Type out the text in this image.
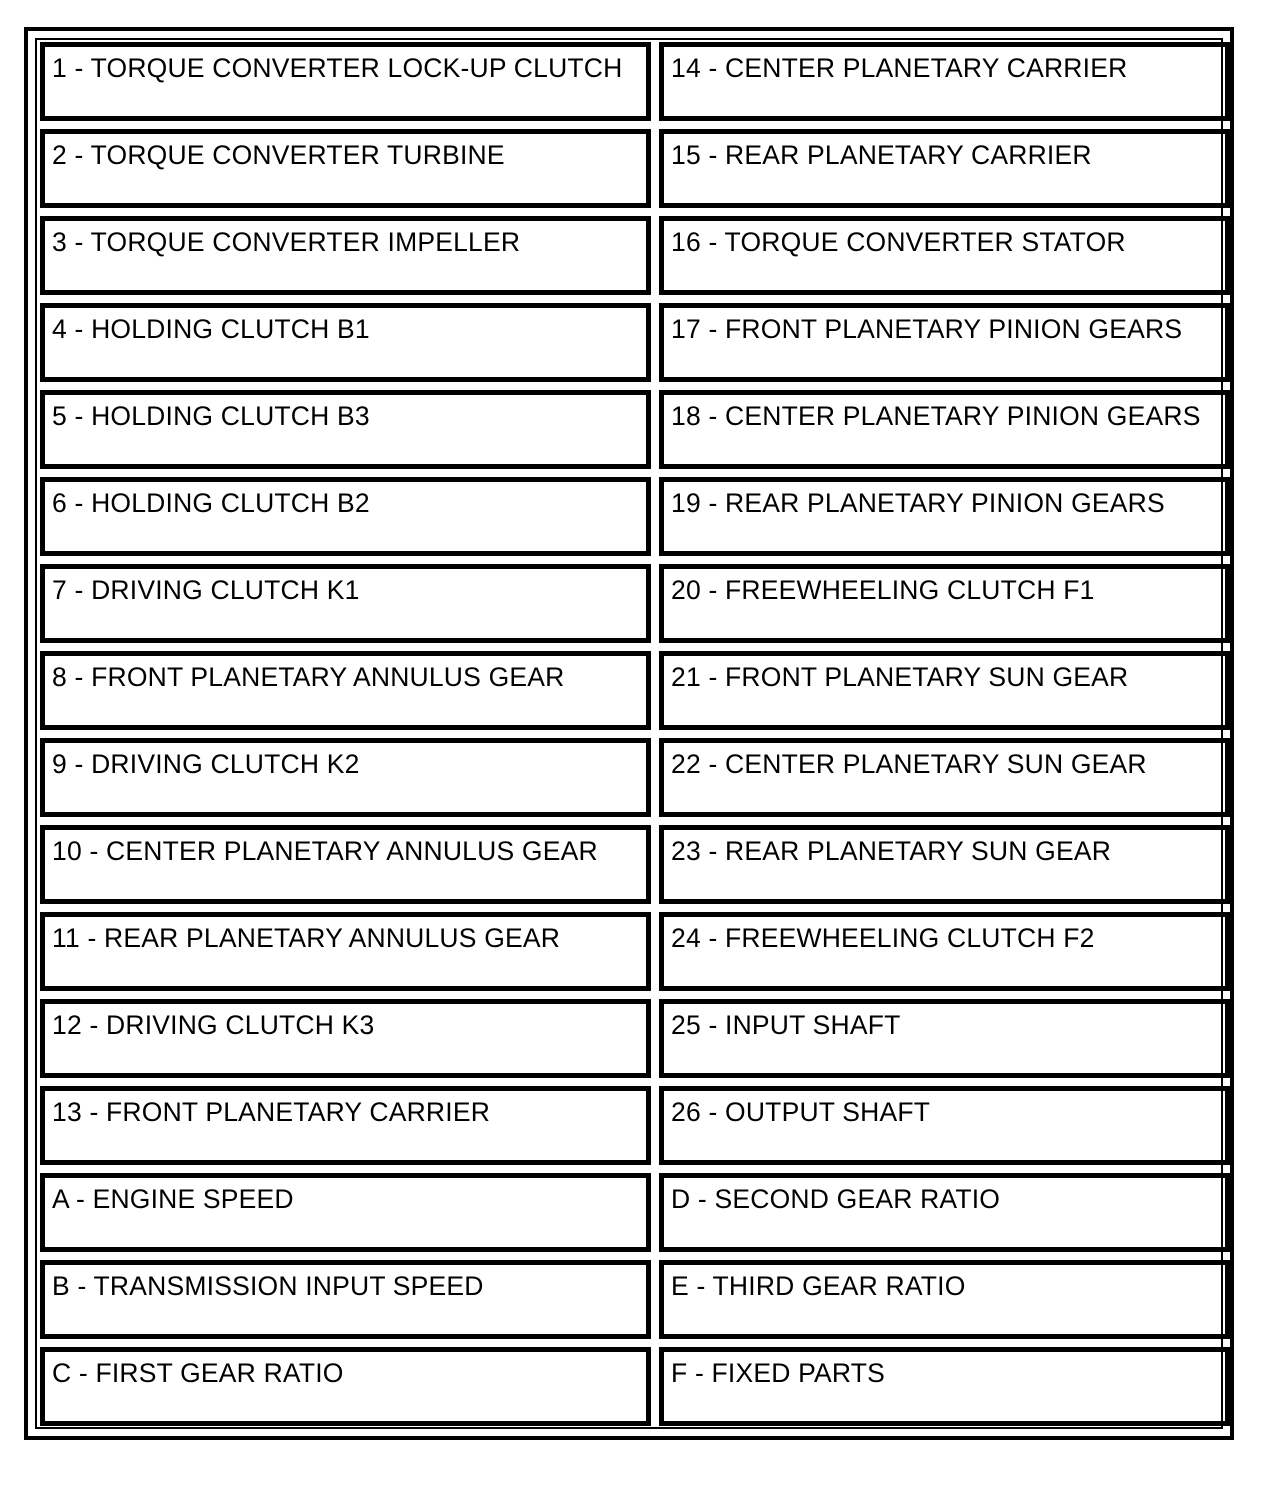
1 - TORQUE CONVERTER LOCK-UP CLUTCH	14 - CENTER PLANETARY CARRIER
2 - TORQUE CONVERTER TURBINE	15 - REAR PLANETARY CARRIER
3 - TORQUE CONVERTER IMPELLER	16 - TORQUE CONVERTER STATOR
4 - HOLDING CLUTCH B1	17 - FRONT PLANETARY PINION GEARS
5 - HOLDING CLUTCH B3	18 - CENTER PLANETARY PINION GEARS
6 - HOLDING CLUTCH B2	19 - REAR PLANETARY PINION GEARS
7 - DRIVING CLUTCH K1	20 - FREEWHEELING CLUTCH F1
8 - FRONT PLANETARY ANNULUS GEAR	21 - FRONT PLANETARY SUN GEAR
9 - DRIVING CLUTCH K2	22 - CENTER PLANETARY SUN GEAR
10 - CENTER PLANETARY ANNULUS GEAR	23 - REAR PLANETARY SUN GEAR
11 - REAR PLANETARY ANNULUS GEAR	24 - FREEWHEELING CLUTCH F2
12 - DRIVING CLUTCH K3	25 - INPUT SHAFT
13 - FRONT PLANETARY CARRIER	26 - OUTPUT SHAFT
A - ENGINE SPEED	D - SECOND GEAR RATIO
B - TRANSMISSION INPUT SPEED	E - THIRD GEAR RATIO
C - FIRST GEAR RATIO	F - FIXED PARTS
